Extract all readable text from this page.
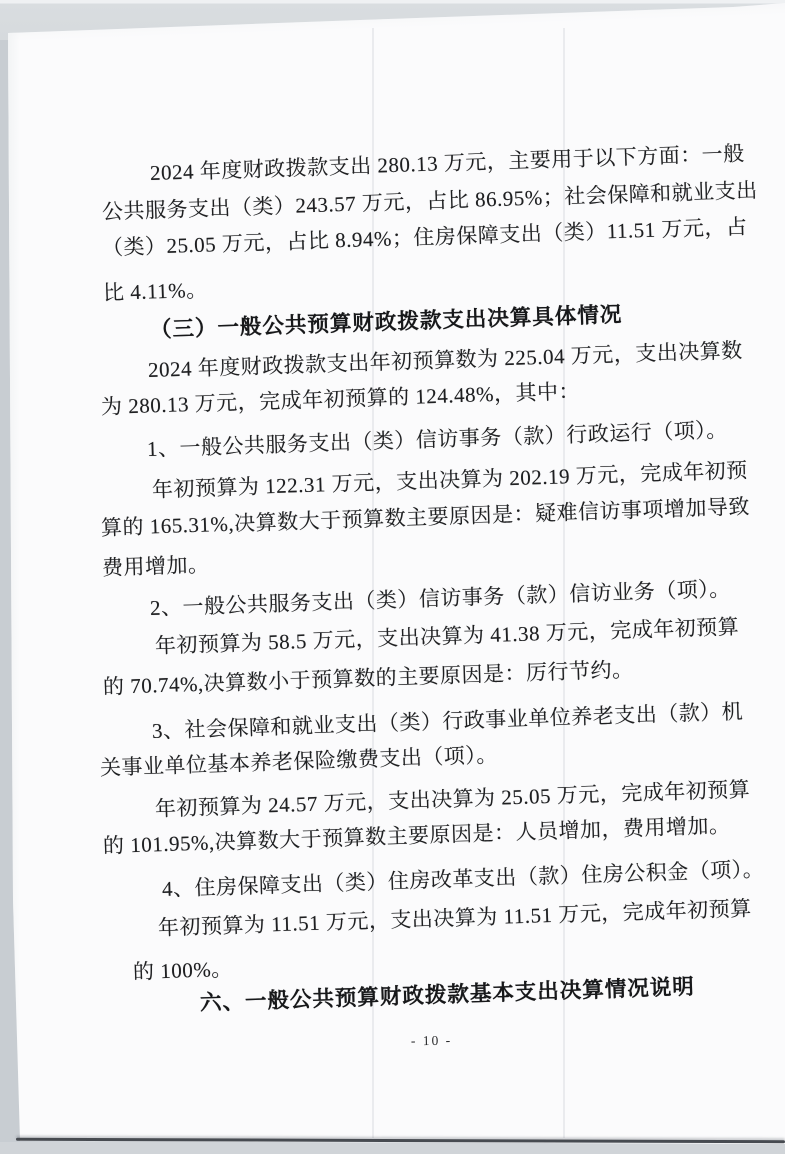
2024 年度财政拨款支出 280.13 万元，主要用于以下方面：一般
公共服务支出（类）243.57 万元，占比 86.95%；社会保障和就业支出
（类）25.05 万元，占比 8.94%；住房保障支出（类）11.51 万元，占
比 4.11%。
（三）一般公共预算财政拨款支出决算具体情况
2024 年度财政拨款支出年初预算数为 225.04 万元，支出决算数
为 280.13 万元，完成年初预算的 124.48%，其中：
1、一般公共服务支出（类）信访事务（款）行政运行（项）。
年初预算为 122.31 万元，支出决算为 202.19 万元，完成年初预
算的 165.31%,决算数大于预算数主要原因是：疑难信访事项增加导致
费用增加。
2、一般公共服务支出（类）信访事务（款）信访业务（项）。
年初预算为 58.5 万元，支出决算为 41.38 万元，完成年初预算
的 70.74%,决算数小于预算数的主要原因是：厉行节约。
3、社会保障和就业支出（类）行政事业单位养老支出（款）机
关事业单位基本养老保险缴费支出（项）。
年初预算为 24.57 万元，支出决算为 25.05 万元，完成年初预算
的 101.95%,决算数大于预算数主要原因是：人员增加，费用增加。
4、住房保障支出（类）住房改革支出（款）住房公积金（项）。
年初预算为 11.51 万元，支出决算为 11.51 万元，完成年初预算
的 100%。
六、一般公共预算财政拨款基本支出决算情况说明
- 10 -
